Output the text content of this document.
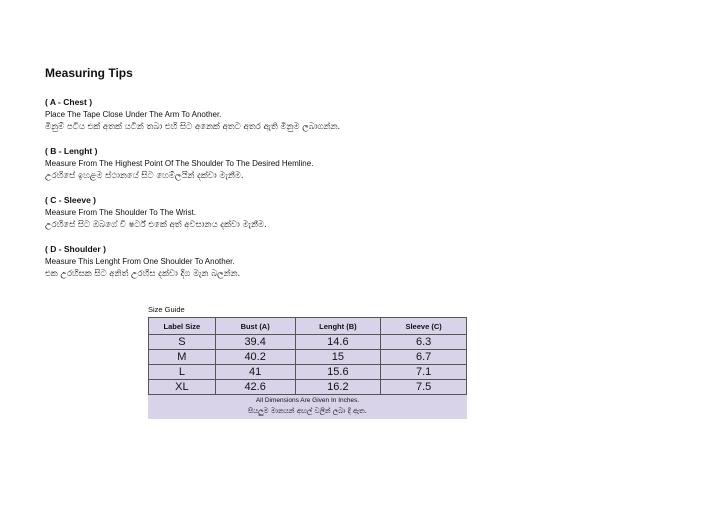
Measuring Tips
( A - Chest )
Place The Tape Close Under The Arm To Another.
මිනුම් පටිය එක් අතක් යටින් තබා එහි සිට අනෙක් අතට අතර ඇති මිනුම ලබාගන්න.
( B - Lenght )
Measure From The Highest Point Of The Shoulder To The Desired Hemline.
උරහිසේ ඉහළම ස්ථානයේ සිට හෙම්ලයින් දක්වා මැනීම.
( C - Sleeve )
Measure From The Shoulder To The Wrist.
උරහිසේ සිට ඔබගේ වී ෂර්ට් එකේ අත් අවසානය දක්වා මැනීම.
( D - Shoulder )
Measure This Lenght From One Shoulder To Another.
එක උරහිසක සිට අනිත් උරහිස දක්වා දිග මැන බලන්න.
Size Guide
Label Size	Bust (A)	Lenght (B)	Sleeve (C)
S	39.4	14.6	6.3
M	40.2	15	6.7
L	41	15.6	7.1
XL	42.6	16.2	7.5
All Dimensions Are Given In Inches.
සියලුම මානයන් අඟල් වලින් ලබා දී ඇත.
